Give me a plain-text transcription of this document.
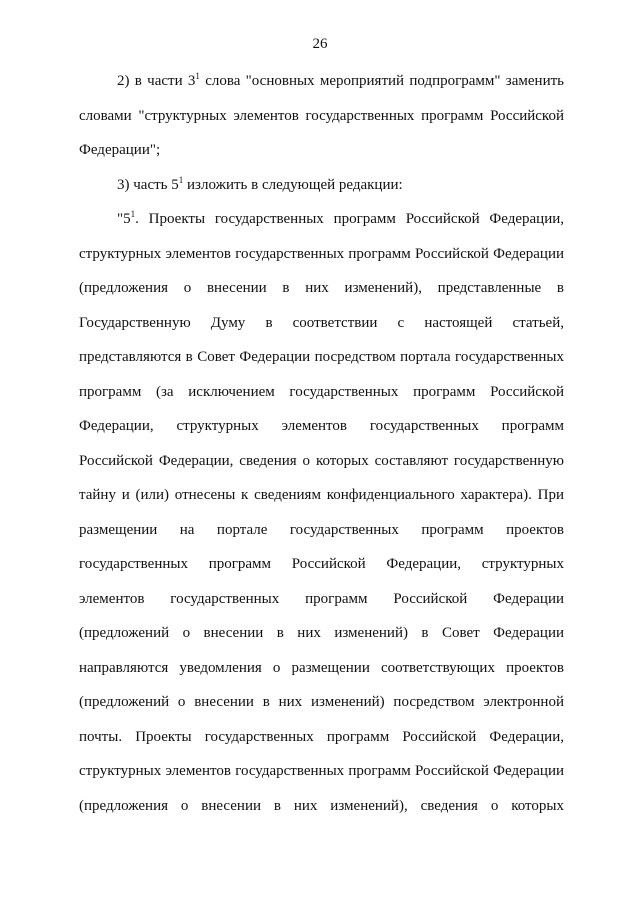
26
2) в части $3^1$ слова "основных мероприятий подпрограмм" заменить
словами "структурных элементов государственных программ Российской
Федерации";
3) часть $5^1$ изложить в следующей редакции:
"$5^1$. Проекты государственных программ Российской Федерации,
структурных элементов государственных программ Российской Федерации
(предложения о внесении в них изменений), представленные в
Государственную Думу в соответствии с настоящей статьей,
представляются в Совет Федерации посредством портала государственных
программ (за исключением государственных программ Российской
Федерации, структурных элементов государственных программ
Российской Федерации, сведения о которых составляют государственную
тайну и (или) отнесены к сведениям конфиденциального характера). При
размещении на портале государственных программ проектов
государственных программ Российской Федерации, структурных
элементов государственных программ Российской Федерации
(предложений о внесении в них изменений) в Совет Федерации
направляются уведомления о размещении соответствующих проектов
(предложений о внесении в них изменений) посредством электронной
почты. Проекты государственных программ Российской Федерации,
структурных элементов государственных программ Российской Федерации
(предложения о внесении в них изменений), сведения о которых
